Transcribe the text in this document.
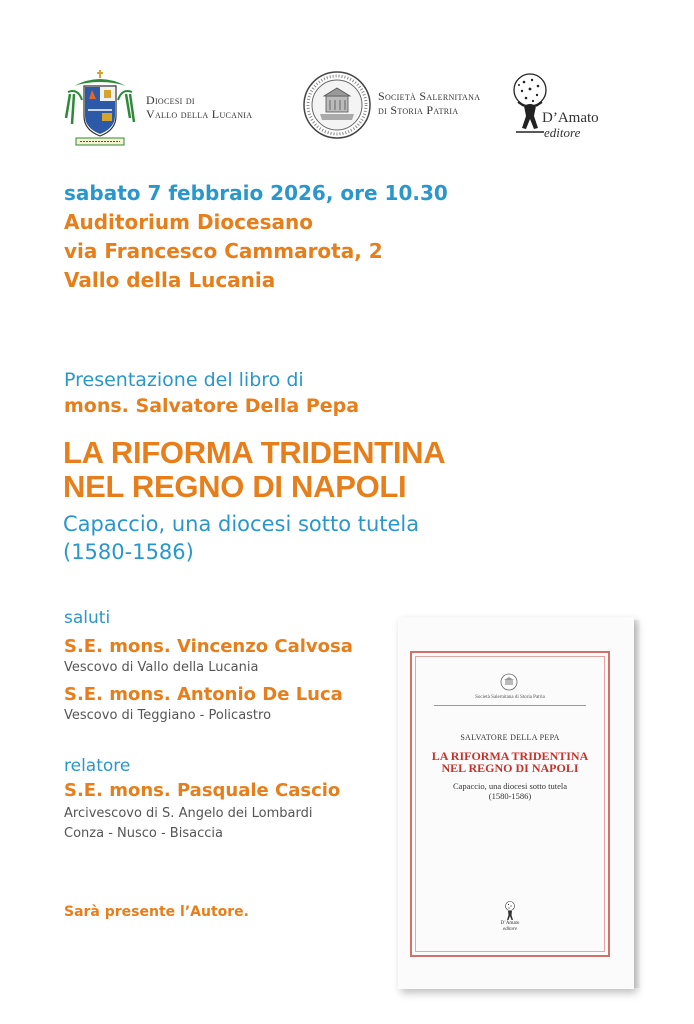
Diocesi di
Vallo della Lucania
Società Salernitana
di Storia Patria	D’Amato
editore
sabato 7 febbraio 2026, ore 10.30
Auditorium Diocesano
via Francesco Cammarota, 2
Vallo della Lucania
Presentazione del libro di
mons. Salvatore Della Pepa
LA RIFORMA TRIDENTINA
NEL REGNO DI NAPOLI
Capaccio, una diocesi sotto tutela
(1580-1586)
saluti
S.E. mons. Vincenzo Calvosa
Vescovo di Vallo della Lucania
S.E. mons. Antonio De Luca
Vescovo di Teggiano - Policastro
relatore
S.E. mons. Pasquale Cascio
Arcivescovo di S. Angelo dei Lombardi
Conza - Nusco - Bisaccia
Sarà presente l’Autore.
Società Salernitana di Storia Patria
SALVATORE DELLA PEPA
LA RIFORMA TRIDENTINA
NEL REGNO DI NAPOLI
Capaccio, una diocesi sotto tutela
(1580-1586)
D’Amato
editore
